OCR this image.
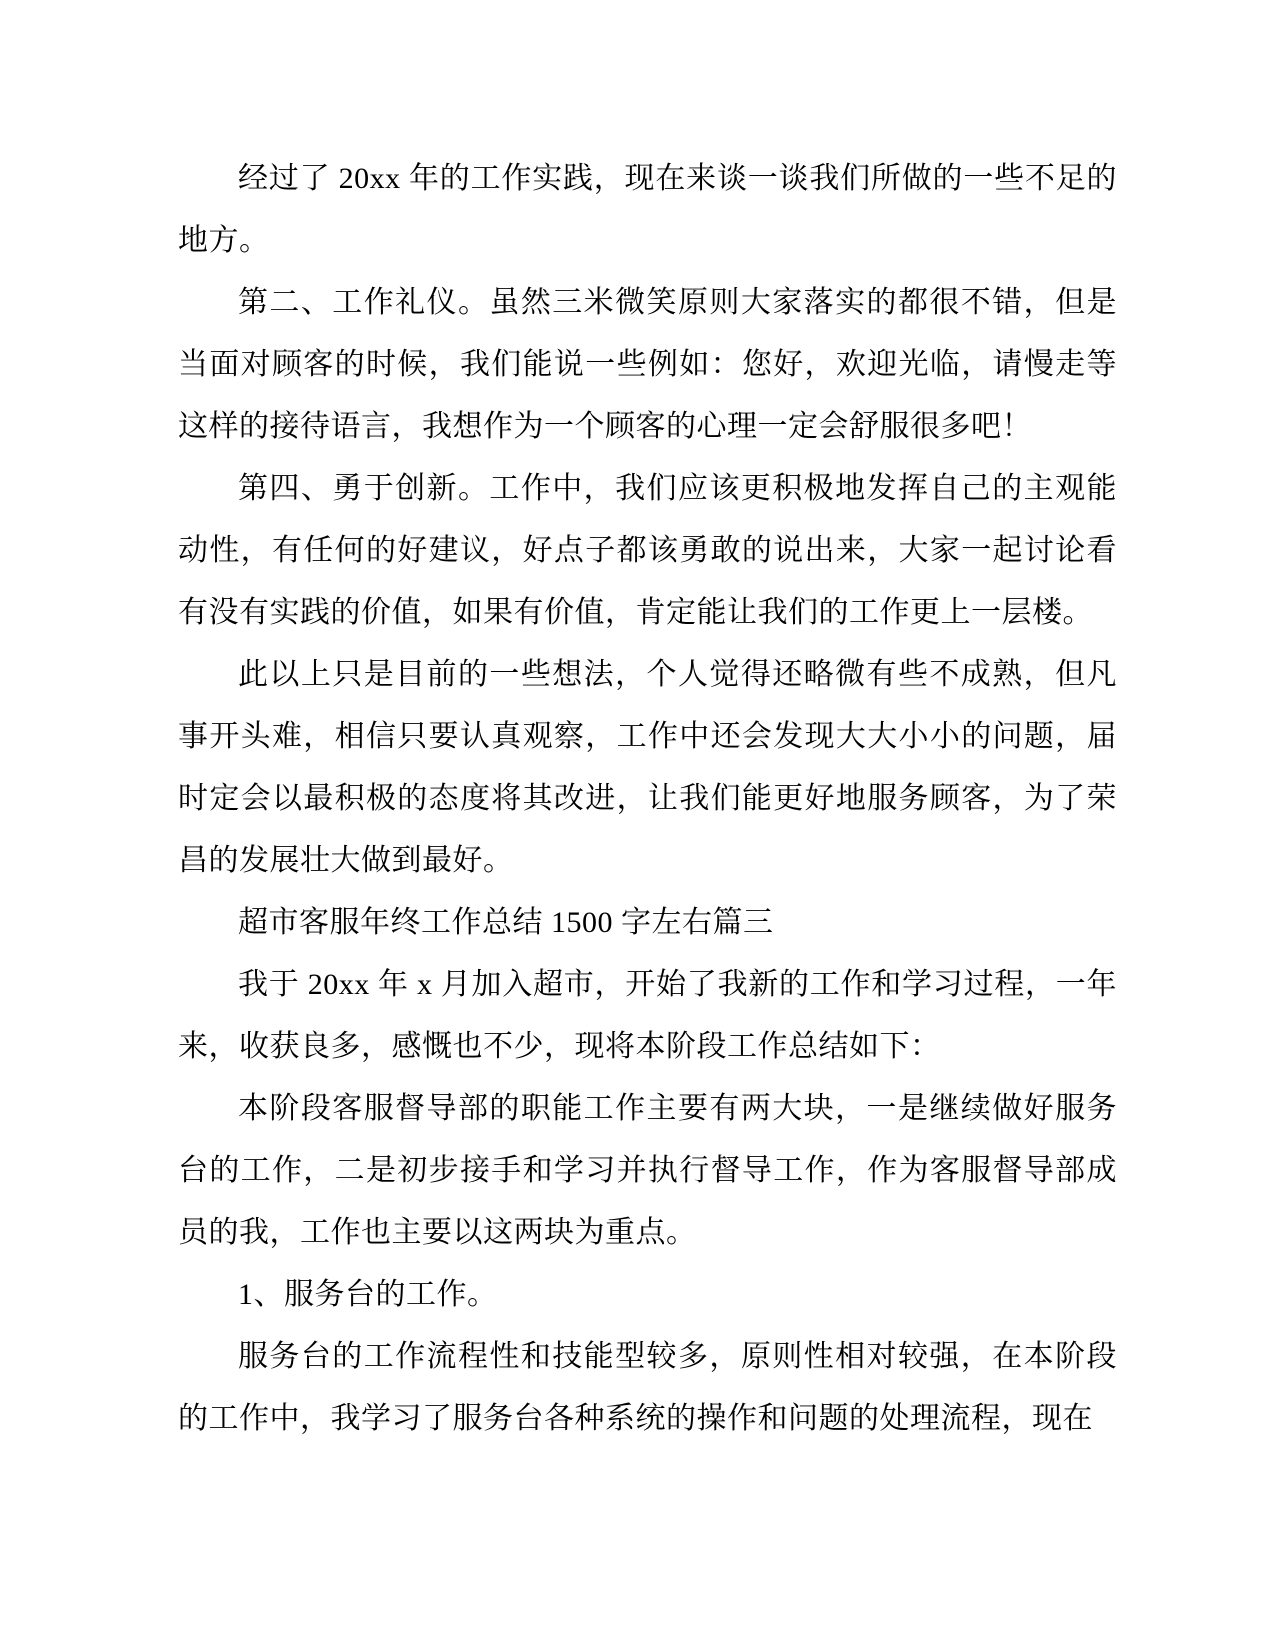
经过了 20xx 年的工作实践，现在来谈一谈我们所做的一些不足的地方。

第二、工作礼仪。虽然三米微笑原则大家落实的都很不错，但是当面对顾客的时候，我们能说一些例如：您好，欢迎光临，请慢走等这样的接待语言，我想作为一个顾客的心理一定会舒服很多吧！

第四、勇于创新。工作中，我们应该更积极地发挥自己的主观能动性，有任何的好建议，好点子都该勇敢的说出来，大家一起讨论看有没有实践的价值，如果有价值，肯定能让我们的工作更上一层楼。

此以上只是目前的一些想法，个人觉得还略微有些不成熟，但凡事开头难，相信只要认真观察，工作中还会发现大大小小的问题，届时定会以最积极的态度将其改进，让我们能更好地服务顾客，为了荣昌的发展壮大做到最好。

超市客服年终工作总结 1500 字左右篇三

我于 20xx 年 x 月加入超市，开始了我新的工作和学习过程，一年来，收获良多，感慨也不少，现将本阶段工作总结如下：

本阶段客服督导部的职能工作主要有两大块，一是继续做好服务台的工作，二是初步接手和学习并执行督导工作，作为客服督导部成员的我，工作也主要以这两块为重点。

1、服务台的工作。

服务台的工作流程性和技能型较多，原则性相对较强，在本阶段的工作中，我学习了服务台各种系统的操作和问题的处理流程，现在
